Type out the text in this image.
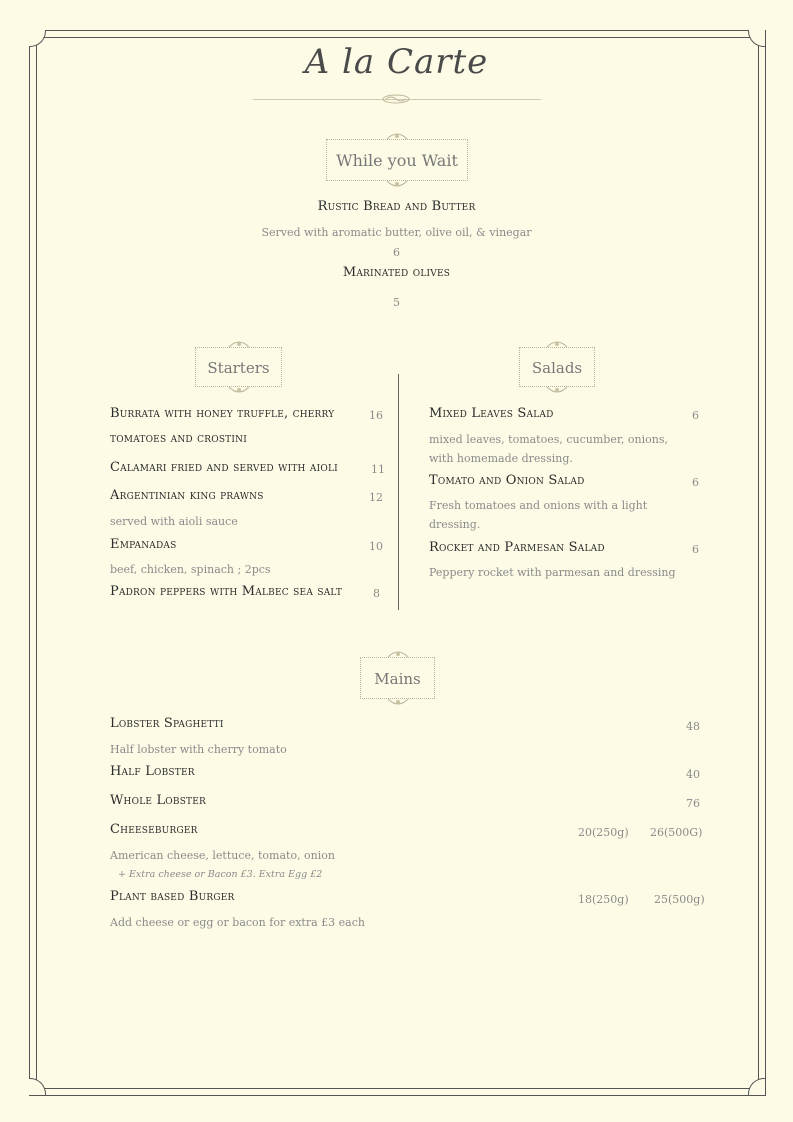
A la Carte
While you Wait
Rustic Bread and Butter
Served with aromatic butter, olive oil, & vinegar
6
Marinated olives
5
Starters	Salads
Burrata with honey truffle, cherry	16
tomatoes and crostini
Calamari fried and served with aioli	11
Argentinian king prawns	12
served with aioli sauce
Empanadas	10
beef, chicken, spinach ; 2pcs
Padron peppers with Malbec sea salt	8
Mixed Leaves Salad	6
mixed leaves, tomatoes, cucumber, onions,
with homemade dressing.
Tomato and Onion Salad	6
Fresh tomatoes and onions with a light
dressing.
Rocket and Parmesan Salad	6
Peppery rocket with parmesan and dressing
Mains
Lobster Spaghetti	48
Half lobster with cherry tomato
Half Lobster	40
Whole Lobster	76
Cheeseburger	20(250g) 26(500G)
American cheese, lettuce, tomato, onion
+ Extra cheese or Bacon £3. Extra Egg £2
Plant based Burger	18(250g) 25(500g)
Add cheese or egg or bacon for extra £3 each
